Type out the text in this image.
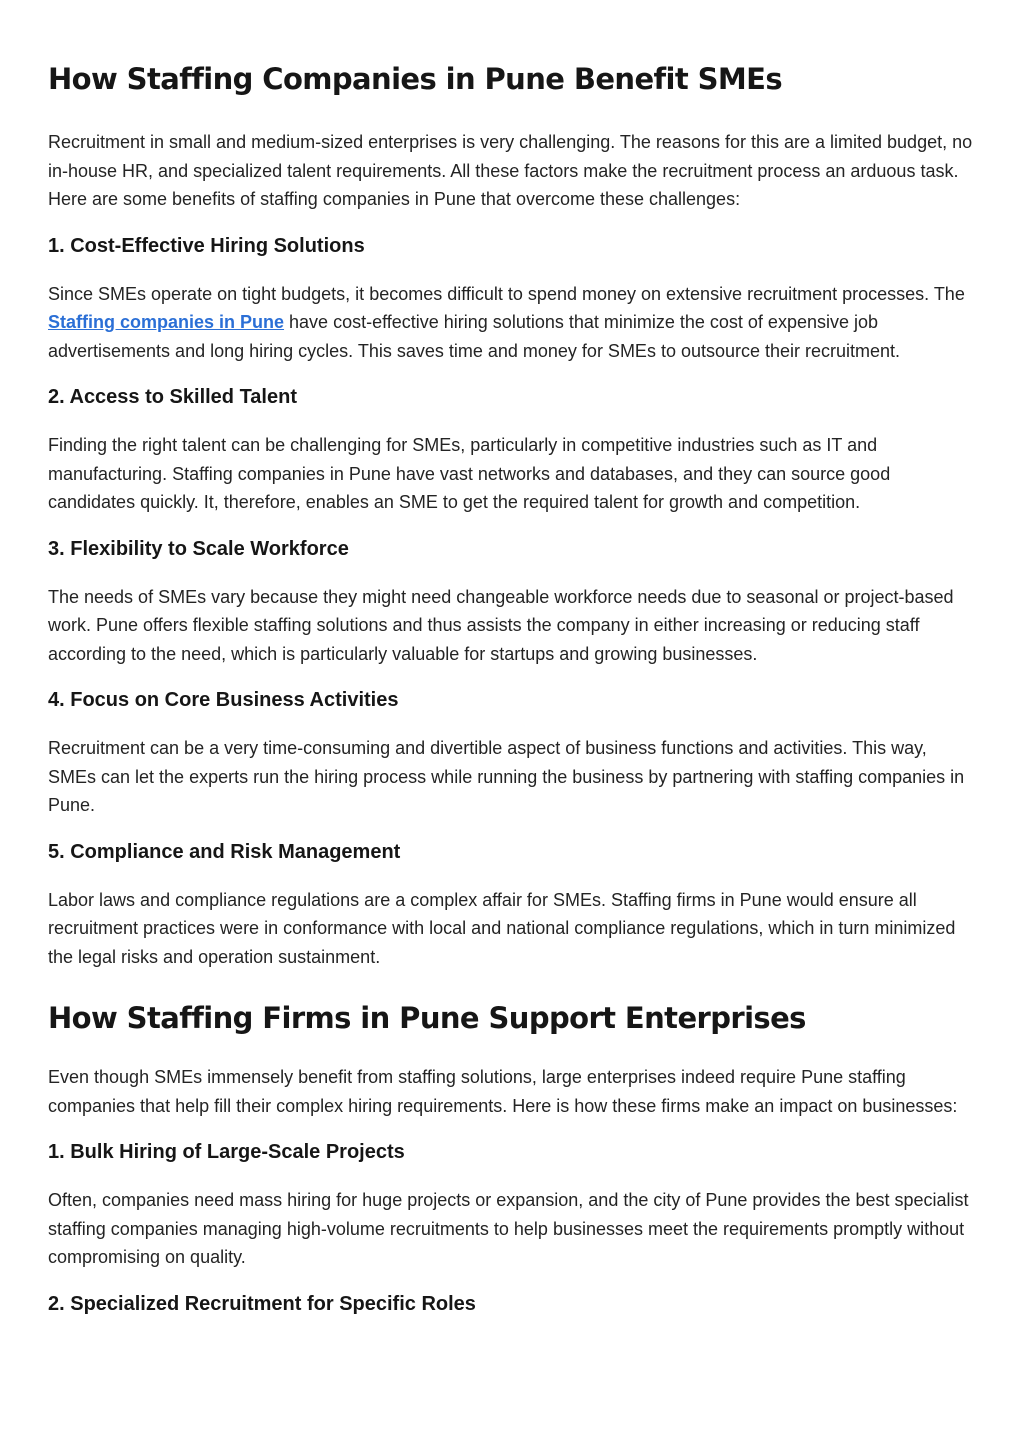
How Staffing Companies in Pune Benefit SMEs

Recruitment in small and medium-sized enterprises is very challenging. The reasons for this are a limited budget, no in-house HR, and specialized talent requirements. All these factors make the recruitment process an arduous task. Here are some benefits of staffing companies in Pune that overcome these challenges:

1. Cost-Effective Hiring Solutions

Since SMEs operate on tight budgets, it becomes difficult to spend money on extensive recruitment processes. The Staffing companies in Pune have cost-effective hiring solutions that minimize the cost of expensive job advertisements and long hiring cycles. This saves time and money for SMEs to outsource their recruitment.

2. Access to Skilled Talent

Finding the right talent can be challenging for SMEs, particularly in competitive industries such as IT and manufacturing. Staffing companies in Pune have vast networks and databases, and they can source good candidates quickly. It, therefore, enables an SME to get the required talent for growth and competition.

3. Flexibility to Scale Workforce

The needs of SMEs vary because they might need changeable workforce needs due to seasonal or project-based work. Pune offers flexible staffing solutions and thus assists the company in either increasing or reducing staff according to the need, which is particularly valuable for startups and growing businesses.

4. Focus on Core Business Activities

Recruitment can be a very time-consuming and divertible aspect of business functions and activities. This way, SMEs can let the experts run the hiring process while running the business by partnering with staffing companies in Pune.

5. Compliance and Risk Management

Labor laws and compliance regulations are a complex affair for SMEs. Staffing firms in Pune would ensure all recruitment practices were in conformance with local and national compliance regulations, which in turn minimized the legal risks and operation sustainment.

How Staffing Firms in Pune Support Enterprises

Even though SMEs immensely benefit from staffing solutions, large enterprises indeed require Pune staffing companies that help fill their complex hiring requirements. Here is how these firms make an impact on businesses:

1. Bulk Hiring of Large-Scale Projects

Often, companies need mass hiring for huge projects or expansion, and the city of Pune provides the best specialist staffing companies managing high-volume recruitments to help businesses meet the requirements promptly without compromising on quality.

2. Specialized Recruitment for Specific Roles
